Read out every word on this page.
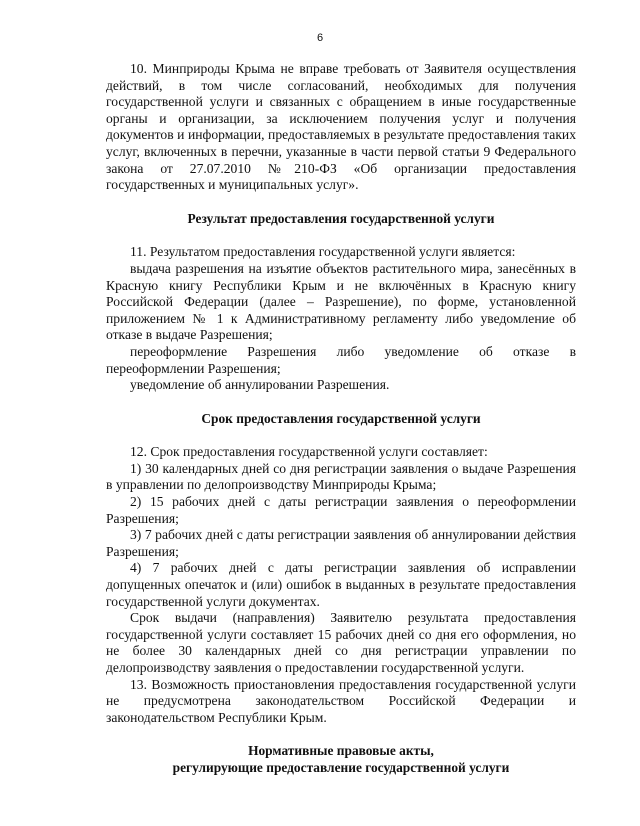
6

10. Минприроды Крыма не вправе требовать от Заявителя осуществления действий, в том числе согласований, необходимых для получения государственной услуги и связанных с обращением в иные государственные органы и организации, за исключением получения услуг и получения документов и информации, предоставляемых в результате предоставления таких услуг, включенных в перечни, указанные в части первой статьи 9 Федерального закона от 27.07.2010 №210-ФЗ «Об организации предоставления государственных и муниципальных услуг».

Результат предоставления государственной услуги

11. Результатом предоставления государственной услуги является:

выдача разрешения на изъятие объектов растительного мира, занесённых в Красную книгу Республики Крым и не включённых в Красную книгу Российской Федерации (далее – Разрешение), по форме, установленной приложением № 1 к Административному регламенту либо уведомление об отказе в выдаче Разрешения;

переоформление Разрешения либо уведомление об отказе в переоформлении Разрешения;

уведомление об аннулировании Разрешения.

Срок предоставления государственной услуги

12. Срок предоставления государственной услуги составляет:

1) 30 календарных дней со дня регистрации заявления о выдаче Разрешения в управлении по делопроизводству Минприроды Крыма;

2) 15 рабочих дней с даты регистрации заявления о переоформлении Разрешения;

3) 7 рабочих дней с даты регистрации заявления об аннулировании действия Разрешения;

4) 7 рабочих дней с даты регистрации заявления об исправлении допущенных опечаток и (или) ошибок в выданных в результате предоставления государственной услуги документах.

Срок выдачи (направления) Заявителю результата предоставления государственной услуги составляет 15 рабочих дней со дня его оформления, но не более 30 календарных дней со дня регистрации управлении по делопроизводству заявления о предоставлении государственной услуги.

13. Возможность приостановления предоставления государственной услуги не предусмотрена законодательством Российской Федерации и законодательством Республики Крым.

Нормативные правовые акты,

регулирующие предоставление государственной услуги
